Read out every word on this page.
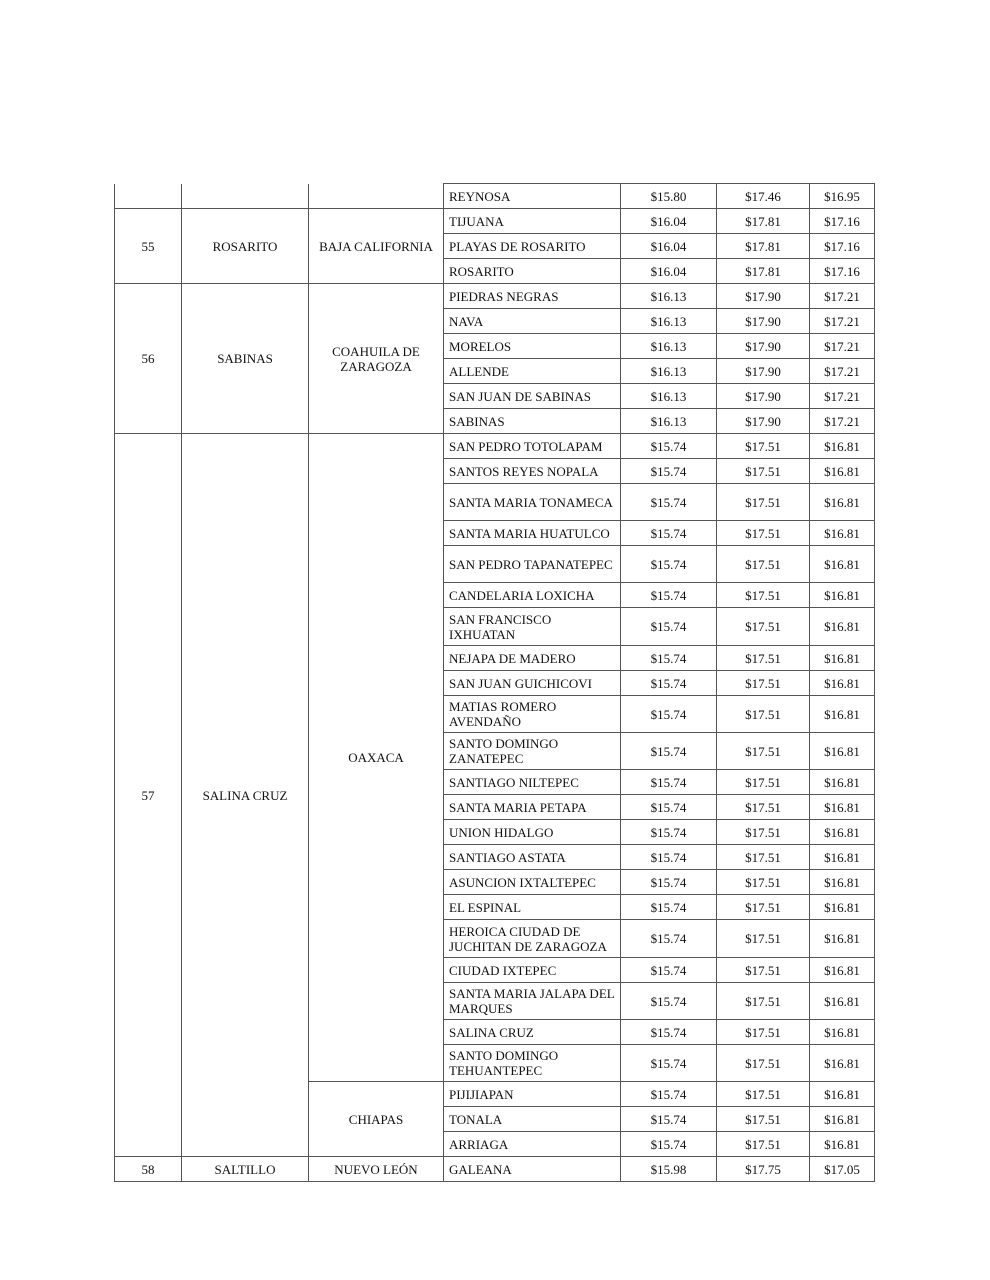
			REYNOSA	$15.80	$17.46	$16.95
55	ROSARITO	BAJA CALIFORNIA	TIJUANA	$16.04	$17.81	$17.16
			PLAYAS DE ROSARITO	$16.04	$17.81	$17.16
			ROSARITO	$16.04	$17.81	$17.16
56	SABINAS	COAHUILA DE ZARAGOZA	PIEDRAS NEGRAS	$16.13	$17.90	$17.21
			NAVA	$16.13	$17.90	$17.21
			MORELOS	$16.13	$17.90	$17.21
			ALLENDE	$16.13	$17.90	$17.21
			SAN JUAN DE SABINAS	$16.13	$17.90	$17.21
			SABINAS	$16.13	$17.90	$17.21
57	SALINA CRUZ	OAXACA	SAN PEDRO TOTOLAPAM	$15.74	$17.51	$16.81
			SANTOS REYES NOPALA	$15.74	$17.51	$16.81
			SANTA MARIA TONAMECA	$15.74	$17.51	$16.81
			SANTA MARIA HUATULCO	$15.74	$17.51	$16.81
			SAN PEDRO TAPANATEPEC	$15.74	$17.51	$16.81
			CANDELARIA LOXICHA	$15.74	$17.51	$16.81
			SAN FRANCISCO IXHUATAN	$15.74	$17.51	$16.81
			NEJAPA DE MADERO	$15.74	$17.51	$16.81
			SAN JUAN GUICHICOVI	$15.74	$17.51	$16.81
			MATIAS ROMERO AVENDAÑO	$15.74	$17.51	$16.81
			SANTO DOMINGO ZANATEPEC	$15.74	$17.51	$16.81
			SANTIAGO NILTEPEC	$15.74	$17.51	$16.81
			SANTA MARIA PETAPA	$15.74	$17.51	$16.81
			UNION HIDALGO	$15.74	$17.51	$16.81
			SANTIAGO ASTATA	$15.74	$17.51	$16.81
			ASUNCION IXTALTEPEC	$15.74	$17.51	$16.81
			EL ESPINAL	$15.74	$17.51	$16.81
			HEROICA CIUDAD DE JUCHITAN DE ZARAGOZA	$15.74	$17.51	$16.81
			CIUDAD IXTEPEC	$15.74	$17.51	$16.81
			SANTA MARIA JALAPA DEL MARQUES	$15.74	$17.51	$16.81
			SALINA CRUZ	$15.74	$17.51	$16.81
			SANTO DOMINGO TEHUANTEPEC	$15.74	$17.51	$16.81
		CHIAPAS	PIJIJIAPAN	$15.74	$17.51	$16.81
			TONALA	$15.74	$17.51	$16.81
			ARRIAGA	$15.74	$17.51	$16.81
58	SALTILLO	NUEVO LEÓN	GALEANA	$15.98	$17.75	$17.05
